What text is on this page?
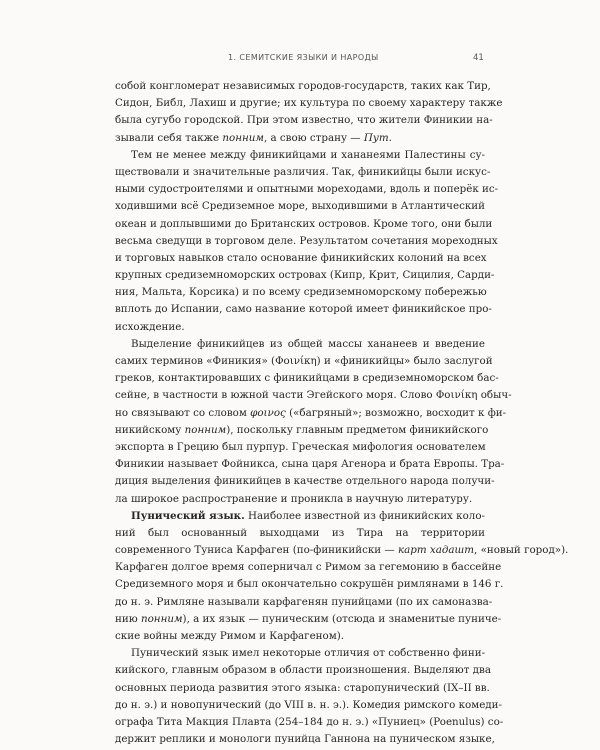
1. СЕМИТСКИЕ ЯЗЫКИ И НАРОДЫ	41
собой конгломерат независимых городов-государств, таких как Тир,
Сидон, Библ, Лахиш и другие; их культура по своему характеру также
была сугубо городской. При этом известно, что жители Финикии на-
зывали себя также понним, а свою страну — Пут.
Тем не менее между финикийцами и хананеями Палестины су-
ществовали и значительные различия. Так, финикийцы были искус-
ными судостроителями и опытными мореходами, вдоль и поперёк ис-
ходившими всё Средиземное море, выходившими в Атлантический
океан и доплывшими до Британских островов. Кроме того, они были
весьма сведущи в торговом деле. Результатом сочетания мореходных
и торговых навыков стало основание финикийских колоний на всех
крупных средиземноморских островах (Кипр, Крит, Сицилия, Сарди-
ния, Мальта, Корсика) и по всему средиземноморскому побережью
вплоть до Испании, само название которой имеет финикийское про-
исхождение.
Выделение финикийцев из общей массы хананеев и введение
самих терминов «Финикия» (Φοινίκη) и «финикийцы» было заслугой
греков, контактировавших с финикийцами в средиземноморском бас-
сейне, в частности в южной части Эгейского моря. Слово Φοινίκη обыч-
но связывают со словом φοινος («багряный»; возможно, восходит к фи-
никийскому понним), поскольку главным предметом финикийского
экспорта в Грецию был пурпур. Греческая мифология основателем
Финикии называет Фойникса, сына царя Агенора и брата Европы. Тра-
диция выделения финикийцев в качестве отдельного народа получи-
ла широкое распространение и проникла в научную литературу.
Пунический язык. Наиболее известной из финикийских коло-
ний был основанный выходцами из Тира на территории
современного Туниса Карфаген (по-финикийски — карт хадашт, «новый город»).
Карфаген долгое время соперничал с Римом за гегемонию в бассейне
Средиземного моря и был окончательно сокрушён римлянами в 146 г.
до н. э. Римляне называли карфагенян пунийцами (по их самоназва-
нию понним), а их язык — пуническим (отсюда и знаменитые пуниче-
ские войны между Римом и Карфагеном).
Пунический язык имел некоторые отличия от собственно фини-
кийского, главным образом в области произношения. Выделяют два
основных периода развития этого языка: старопунический (IX–II вв.
до н. э.) и новопунический (до VIII в. н. э.). Комедия римского комеди-
ографа Тита Макция Плавта (254–184 до н. э.) «Пуниец» (Poenulus) со-
держит реплики и монологи пунийца Ганнона на пуническом языке,
